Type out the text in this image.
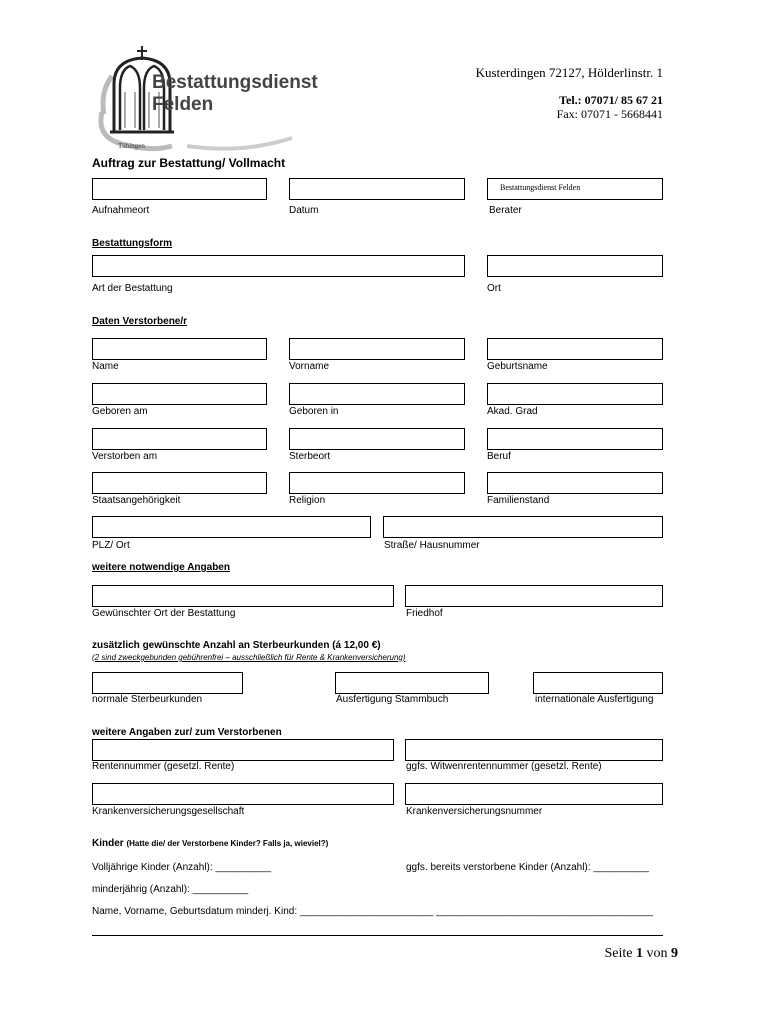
Bestattungsdienst
Felden
Tübingen
Kusterdingen 72127, Hölderlinstr. 1
Tel.: 07071/ 85 67 21
Fax: 07071 - 5668441
Auftrag zur Bestattung/ Vollmacht
Bestattungsdienst Felden
Aufnahmeort	Datum	Berater
Bestattungsform
Art der Bestattung	Ort
Daten Verstorbene/r
Name	Vorname	Geburtsname
Geboren am	Geboren in	Akad. Grad
Verstorben am	Sterbeort	Beruf
Staatsangehörigkeit	Religion	Familienstand
PLZ/ Ort	Straße/ Hausnummer
weitere notwendige Angaben
Gewünschter Ort der Bestattung	Friedhof
zusätzlich gewünschte Anzahl an Sterbeurkunden (á 12,00 €)
(2 sind zweckgebunden gebührenfrei – ausschließlich für Rente & Krankenversicherung)
normale Sterbeurkunden	Ausfertigung Stammbuch	internationale Ausfertigung
weitere Angaben zur/ zum Verstorbenen
Rentennummer (gesetzl. Rente)	ggfs. Witwenrentennummer (gesetzl. Rente)
Krankenversicherungsgesellschaft	Krankenversicherungsnummer
Kinder (Hatte die/ der Verstorbene Kinder? Falls ja, wieviel?)
Volljährige Kinder (Anzahl): __________	ggfs. bereits verstorbene Kinder (Anzahl): __________
minderjährig (Anzahl): __________
Name, Vorname, Geburtsdatum minderj. Kind: ________________________ _______________________________________
Seite 1 von 9
